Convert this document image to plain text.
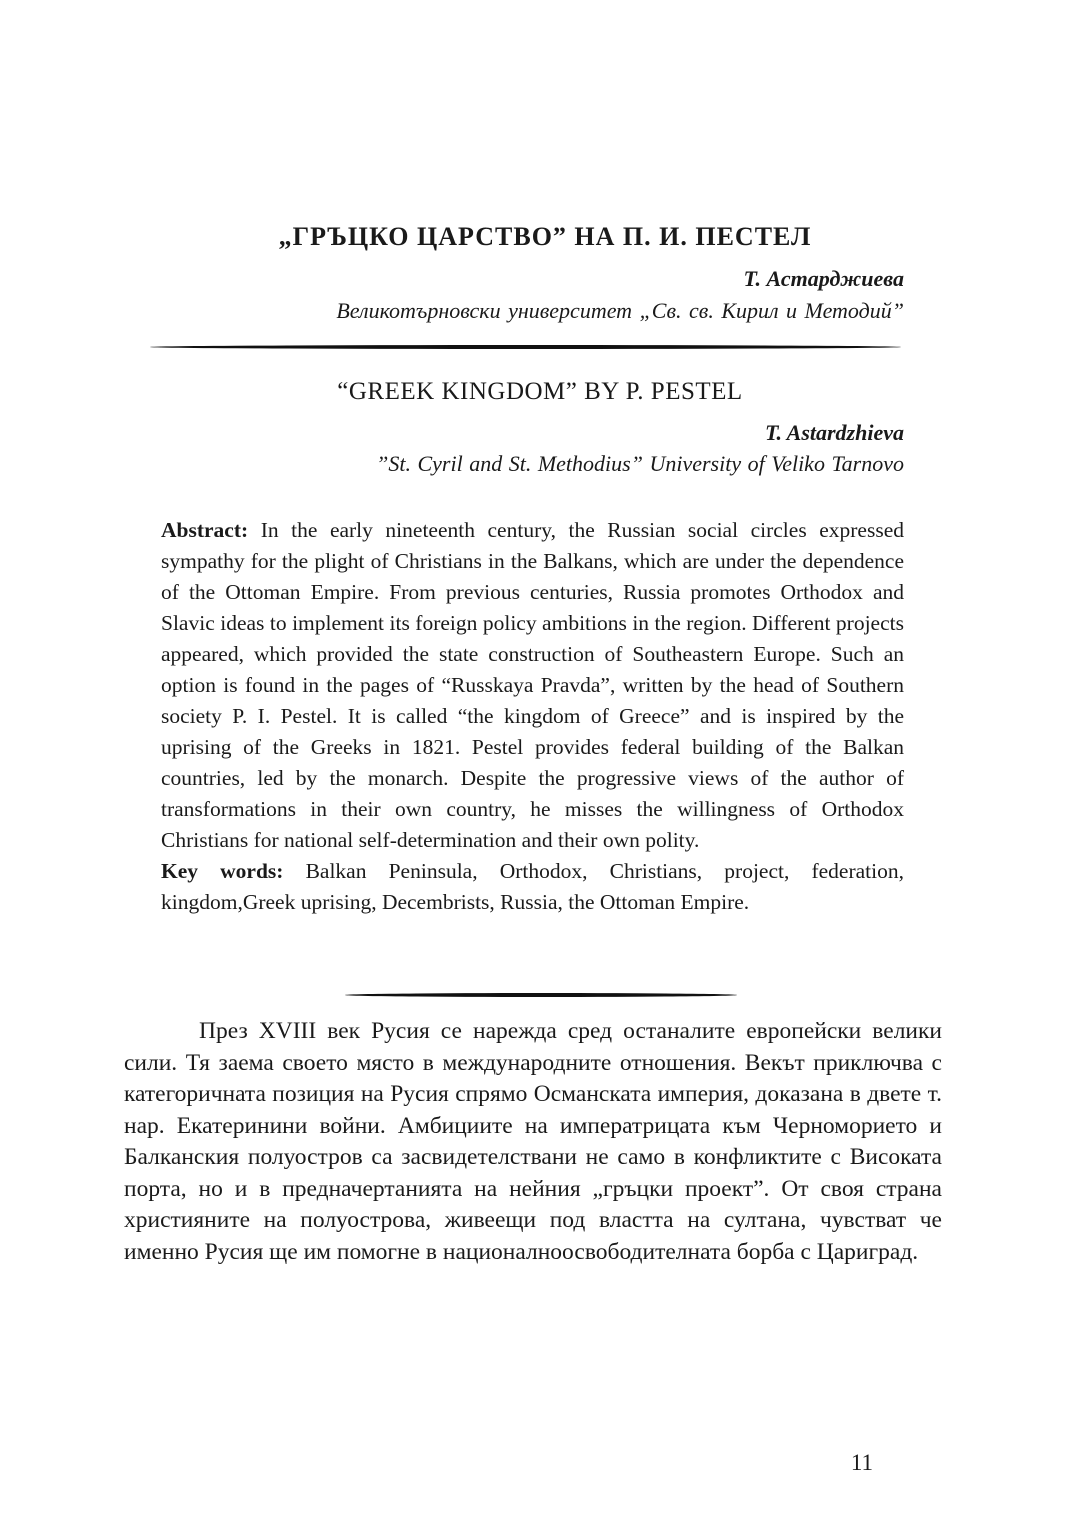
„ГРЪЦКО ЦАРСТВО” НА П. И. ПЕСТЕЛ
Т. Астарджиева
Великотърновски университет „Св. св. Кирил и Методий”
“GREEK KINGDOM” BY P. PESTEL
T. Astardzhieva
”St. Cyril and St. Methodius” University of Veliko Tarnovo

Abstract: In the early nineteenth century, the Russian social circles expressed sympathy for the plight of Christians in the Balkans, which are under the dependence of the Ottoman Empire. From previous centuries, Russia promotes Orthodox and Slavic ideas to implement its foreign policy ambitions in the region. Different projects appeared, which provided the state construction of Southeastern Europe. Such an option is found in the pages of “Russkaya Pravda”, written by the head of Southern society P. I. Pestel. It is called “the kingdom of Greece” and is inspired by the uprising of the Greeks in 1821. Pestel provides federal building of the Balkan countries, led by the monarch. Despite the progressive views of the author of transformations in their own country, he misses the willingness of Orthodox Christians for national self-determination and their own polity.

Key words: Balkan Peninsula, Orthodox, Christians, project, federation, kingdom,Greek uprising, Decembrists, Russia, the Ottoman Empire.

През XVIII век Русия се нарежда сред останалите европейски велики сили. Тя заема своето място в международните отношения. Векът приключва с категоричната позиция на Русия спрямо Османската империя, доказана в двете т. нар. Екатеринини войни. Амбициите на императрицата към Черноморието и Балканския полуостров са засвидетелствани не само в конфликтите с Високата порта, но и в предначертанията на нейния „гръцки проект”. От своя страна християните на полуострова, живеещи под властта на султана, чувстват че именно Русия ще им помогне в националноосвободителната борба с Цариград.

11
